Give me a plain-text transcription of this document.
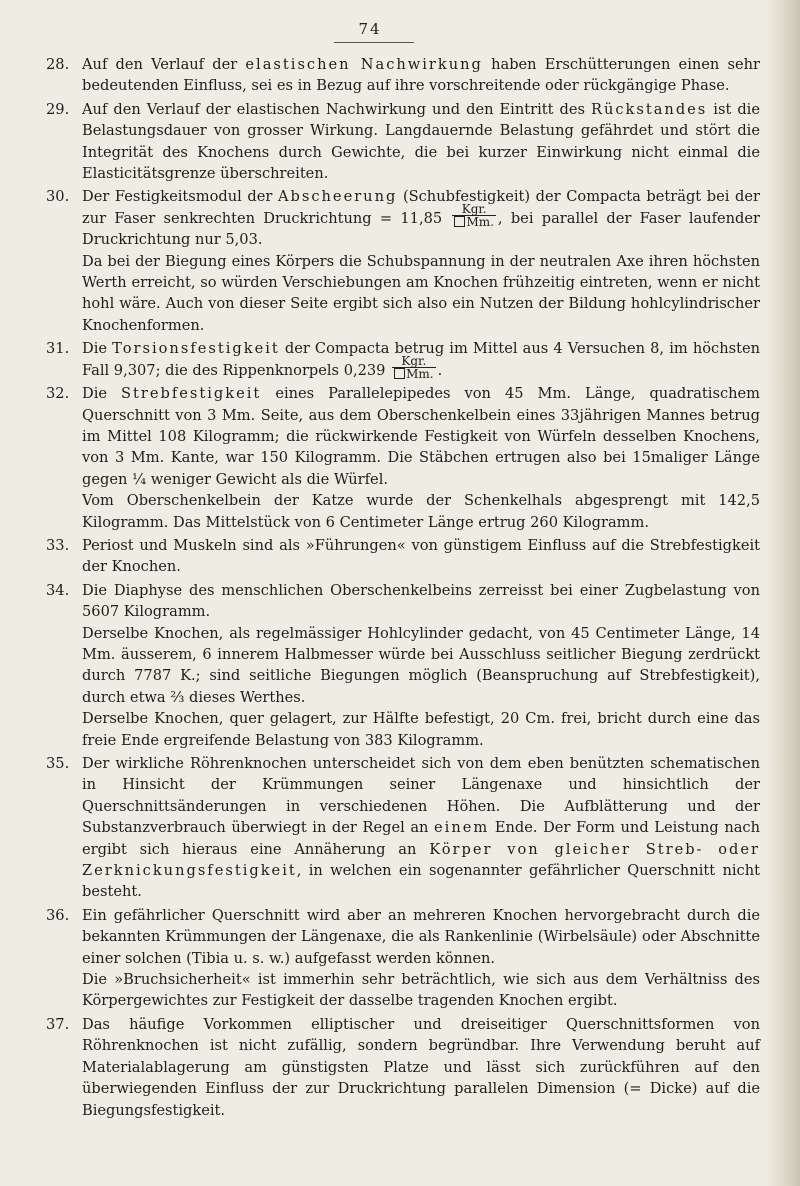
74
28. Auf den Verlauf der elastischen Nachwirkung haben Erschütterungen einen sehr bedeutenden Einfluss, sei es in Bezug auf ihre vorschreitende oder rückgängige Phase.
29. Auf den Verlauf der elastischen Nachwirkung und den Eintritt des Rückstandes ist die Belastungsdauer von grosser Wirkung. Langdauernde Belastung gefährdet und stört die Integrität des Knochens durch Gewichte, die bei kurzer Einwirkung nicht einmal die Elasticitätsgrenze überschreiten.
30. Der Festigkeitsmodul der Abscheerung (Schubfestigkeit) der Compacta beträgt bei der zur Faser senkrechten Druckrichtung = $11,85 \frac{\text{Kgr.}}{Mm.}$ , bei parallel der Faser laufender Druckrichtung nur 5,03.
Da bei der Biegung eines Körpers die Schubspannung in der neutralen Axe ihren höchsten Werth erreicht, so würden Verschiebungen am Knochen frühzeitig eintreten, wenn er nicht hohl wäre. Auch von dieser Seite ergibt sich also ein Nutzen der Bildung hohlcylindrischer Knochenformen.
31. Die Torsionsfestigkeit der Compacta betrug im Mittel aus 4 Versuchen 8, im höchsten Fall 9,307; die des Rippenknorpels $0,239 \frac{\text{Kgr.}}{Mm.}$ .
32. Die Strebfestigkeit eines Parallelepipedes von 45 Mm. Länge, quadratischem Querschnitt von 3 Mm. Seite, aus dem Oberschenkelbein eines 33jährigen Mannes betrug im Mittel 108 Kilogramm; die rückwirkende Festigkeit von Würfeln desselben Knochens, von 3 Mm. Kante, war 150 Kilogramm. Die Stäbchen ertrugen also bei 15maliger Länge gegen ¼ weniger Gewicht als die Würfel.
Vom Oberschenkelbein der Katze wurde der Schenkelhals abgesprengt mit 142,5 Kilogramm. Das Mittelstück von 6 Centimeter Länge ertrug 260 Kilogramm.
33. Periost und Muskeln sind als »Führungen« von günstigem Einfluss auf die Strebfestigkeit der Knochen.
34. Die Diaphyse des menschlichen Oberschenkelbeins zerreisst bei einer Zugbelastung von 5607 Kilogramm.
Derselbe Knochen, als regelmässiger Hohlcylinder gedacht, von 45 Centimeter Länge, 14 Mm. äusserem, 6 innerem Halbmesser würde bei Ausschluss seitlicher Biegung zerdrückt durch 7787 K.; sind seitliche Biegungen möglich (Beanspruchung auf Strebfestigkeit), durch etwa ⅔ dieses Werthes.
Derselbe Knochen, quer gelagert, zur Hälfte befestigt, 20 Cm. frei, bricht durch eine das freie Ende ergreifende Belastung von 383 Kilogramm.
35. Der wirkliche Röhrenknochen unterscheidet sich von dem eben benützten schematischen in Hinsicht der Krümmungen seiner Längenaxe und hinsichtlich der Querschnittsänderungen in verschiedenen Höhen. Die Aufblätterung und der Substanzverbrauch überwiegt in der Regel an einem Ende. Der Form und Leistung nach ergibt sich hieraus eine Annäherung an Körper von gleicher Streb- oder Zerknickungsfestigkeit, in welchen ein sogenannter gefährlicher Querschnitt nicht besteht.
36. Ein gefährlicher Querschnitt wird aber an mehreren Knochen hervorgebracht durch die bekannten Krümmungen der Längenaxe, die als Rankenlinie (Wirbelsäule) oder Abschnitte einer solchen (Tibia u. s. w.) aufgefasst werden können.
Die »Bruchsicherheit« ist immerhin sehr beträchtlich, wie sich aus dem Verhältniss des Körpergewichtes zur Festigkeit der dasselbe tragenden Knochen ergibt.
37. Das häufige Vorkommen elliptischer und dreiseitiger Querschnittsformen von Röhrenknochen ist nicht zufällig, sondern begründbar. Ihre Verwendung beruht auf Materialablagerung am günstigsten Platze und lässt sich zurückführen auf den überwiegenden Einfluss der zur Druckrichtung parallelen Dimension (= Dicke) auf die Biegungsfestigkeit.
